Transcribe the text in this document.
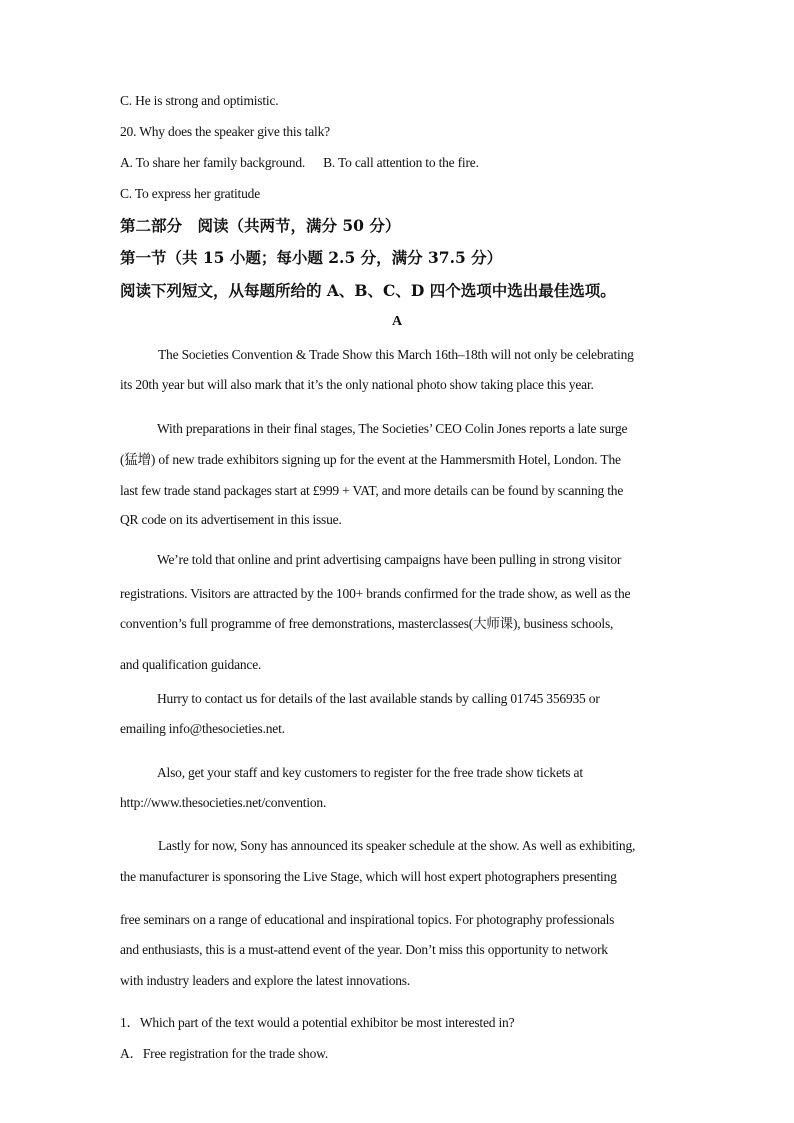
C. He is strong and optimistic.
20. Why does the speaker give this talk?
A. To share her family background. B. To call attention to the fire.
C. To express her gratitude
第二部分　阅读（共两节，满分 50 分）
第一节（共 15 小题；每小题 2.5 分，满分 37.5 分）
阅读下列短文，从每题所给的 A、B、C、D 四个选项中选出最佳选项。
A
The Societies Convention & Trade Show this March 16th–18th will not only be celebrating
its 20th year but will also mark that it’s the only national photo show taking place this year.
With preparations in their final stages, The Societies’ CEO Colin Jones reports a late surge
(猛增) of new trade exhibitors signing up for the event at the Hammersmith Hotel, London. The
last few trade stand packages start at £999 + VAT, and more details can be found by scanning the
QR code on its advertisement in this issue.
We’re told that online and print advertising campaigns have been pulling in strong visitor
registrations. Visitors are attracted by the 100+ brands confirmed for the trade show, as well as the
convention’s full programme of free demonstrations, masterclasses(大师课), business schools,
and qualification guidance.
Hurry to contact us for details of the last available stands by calling 01745 356935 or
emailing info@thesocieties.net.
Also, get your staff and key customers to register for the free trade show tickets at
http://www.thesocieties.net/convention.
Lastly for now, Sony has announced its speaker schedule at the show. As well as exhibiting,
the manufacturer is sponsoring the Live Stage, which will host expert photographers presenting
free seminars on a range of educational and inspirational topics. For photography professionals
and enthusiasts, this is a must-attend event of the year. Don’t miss this opportunity to network
with industry leaders and explore the latest innovations.
1．Which part of the text would a potential exhibitor be most interested in?
A．Free registration for the trade show.
